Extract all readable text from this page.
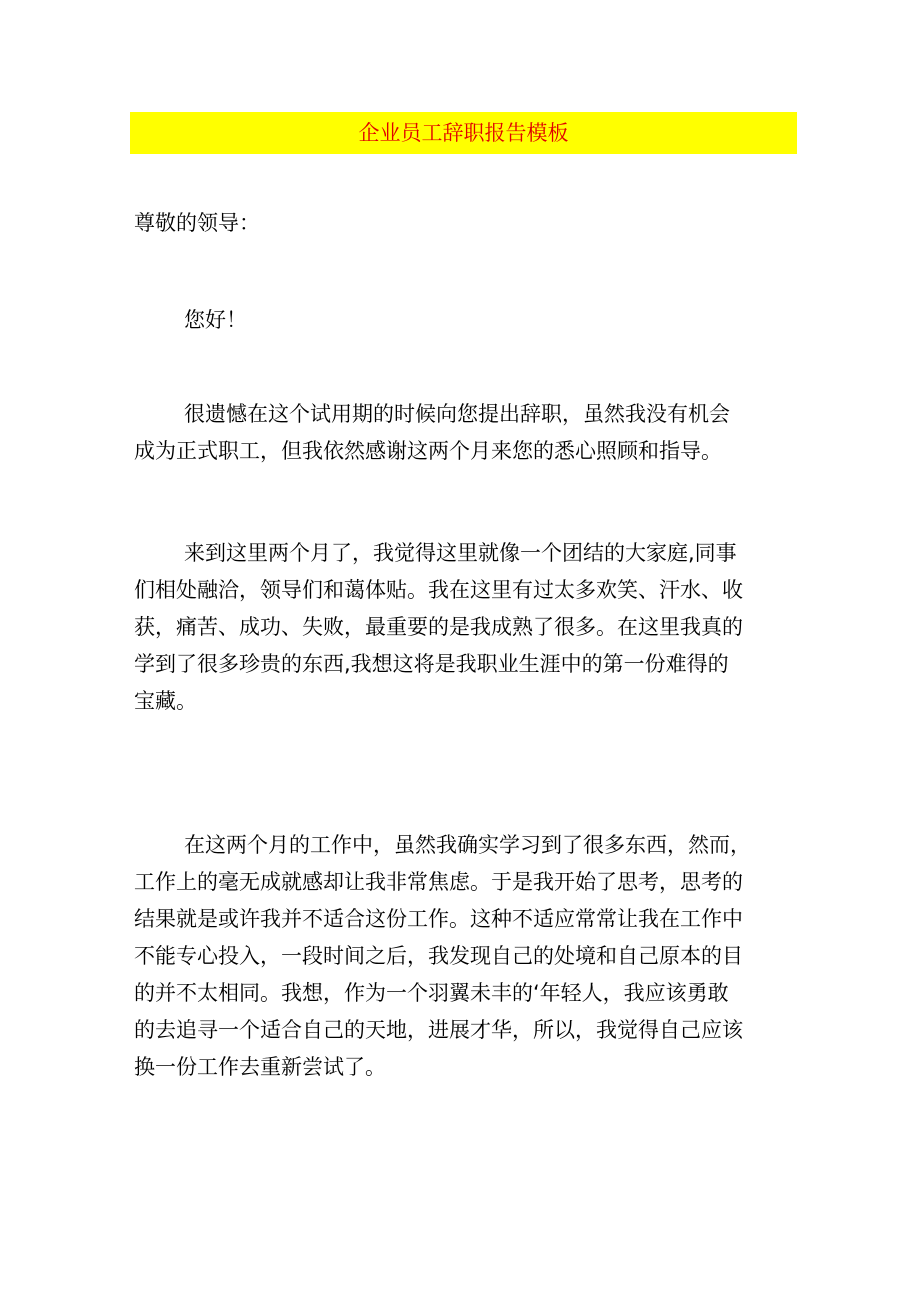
企业员工辞职报告模板
尊敬的领导：
您好！
很遗憾在这个试用期的时候向您提出辞职，虽然我没有机会
成为正式职工，但我依然感谢这两个月来您的悉心照顾和指导。
来到这里两个月了，我觉得这里就像一个团结的大家庭,同事
们相处融洽，领导们和蔼体贴。我在这里有过太多欢笑、汗水、收
获，痛苦、成功、失败，最重要的是我成熟了很多。在这里我真的
学到了很多珍贵的东西,我想这将是我职业生涯中的第一份难得的
宝藏。
在这两个月的工作中，虽然我确实学习到了很多东西，然而，
工作上的毫无成就感却让我非常焦虑。于是我开始了思考，思考的
结果就是或许我并不适合这份工作。这种不适应常常让我在工作中
不能专心投入，一段时间之后，我发现自己的处境和自己原本的目
的并不太相同。我想，作为一个羽翼未丰的‘年轻人，我应该勇敢
的去追寻一个适合自己的天地，进展才华，所以，我觉得自己应该
换一份工作去重新尝试了。
